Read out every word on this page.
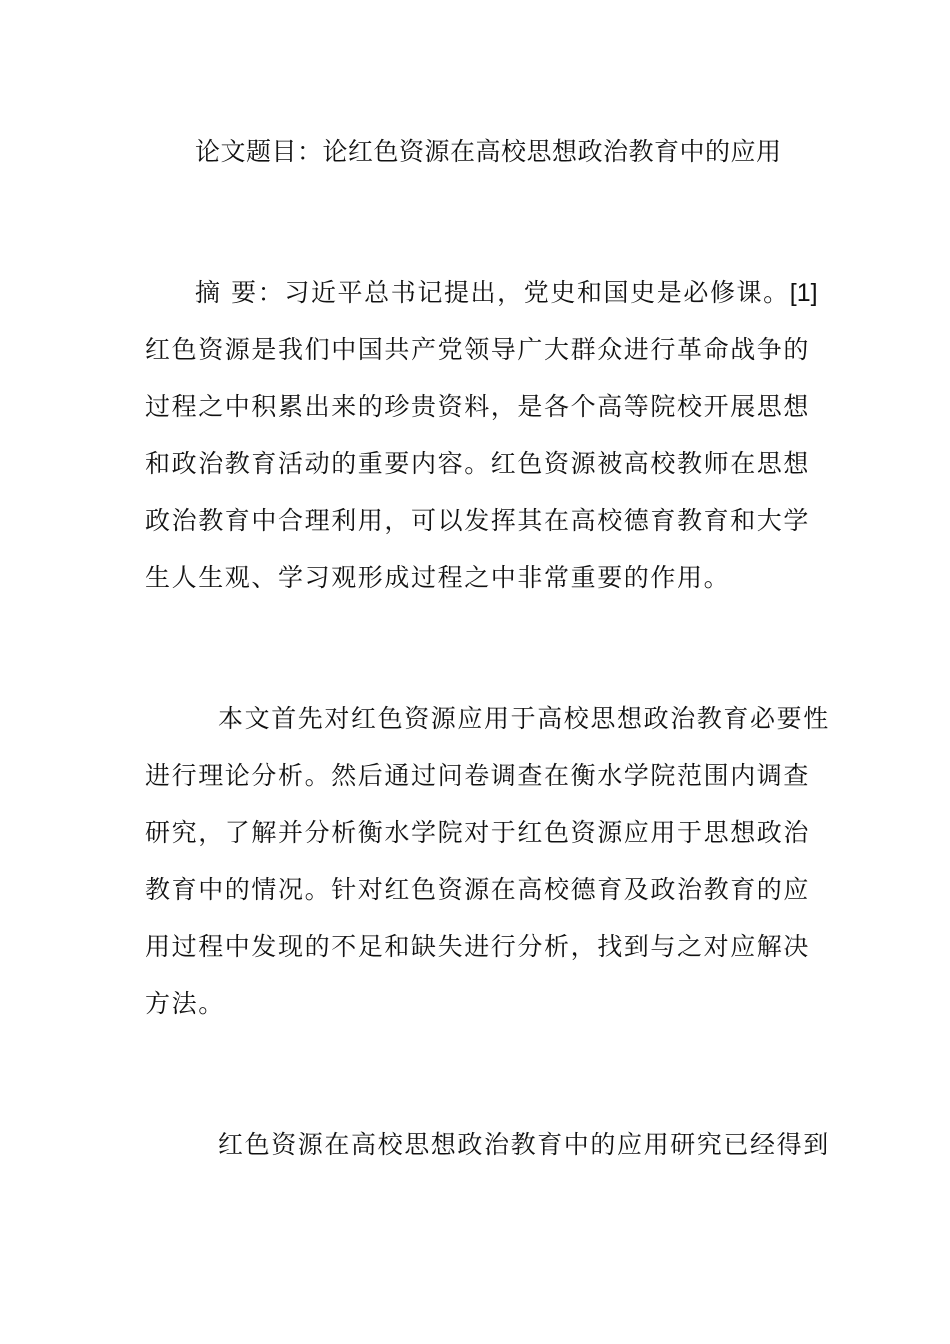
论文题目：论红色资源在高校思想政治教育中的应用
摘 要：习近平总书记提出，党史和国史是必修课。[1]
红色资源是我们中国共产党领导广大群众进行革命战争的
过程之中积累出来的珍贵资料，是各个高等院校开展思想
和政治教育活动的重要内容。红色资源被高校教师在思想
政治教育中合理利用，可以发挥其在高校德育教育和大学
生人生观、学习观形成过程之中非常重要的作用。
本文首先对红色资源应用于高校思想政治教育必要性
进行理论分析。然后通过问卷调查在衡水学院范围内调查
研究，了解并分析衡水学院对于红色资源应用于思想政治
教育中的情况。针对红色资源在高校德育及政治教育的应
用过程中发现的不足和缺失进行分析，找到与之对应解决
方法。
红色资源在高校思想政治教育中的应用研究已经得到
